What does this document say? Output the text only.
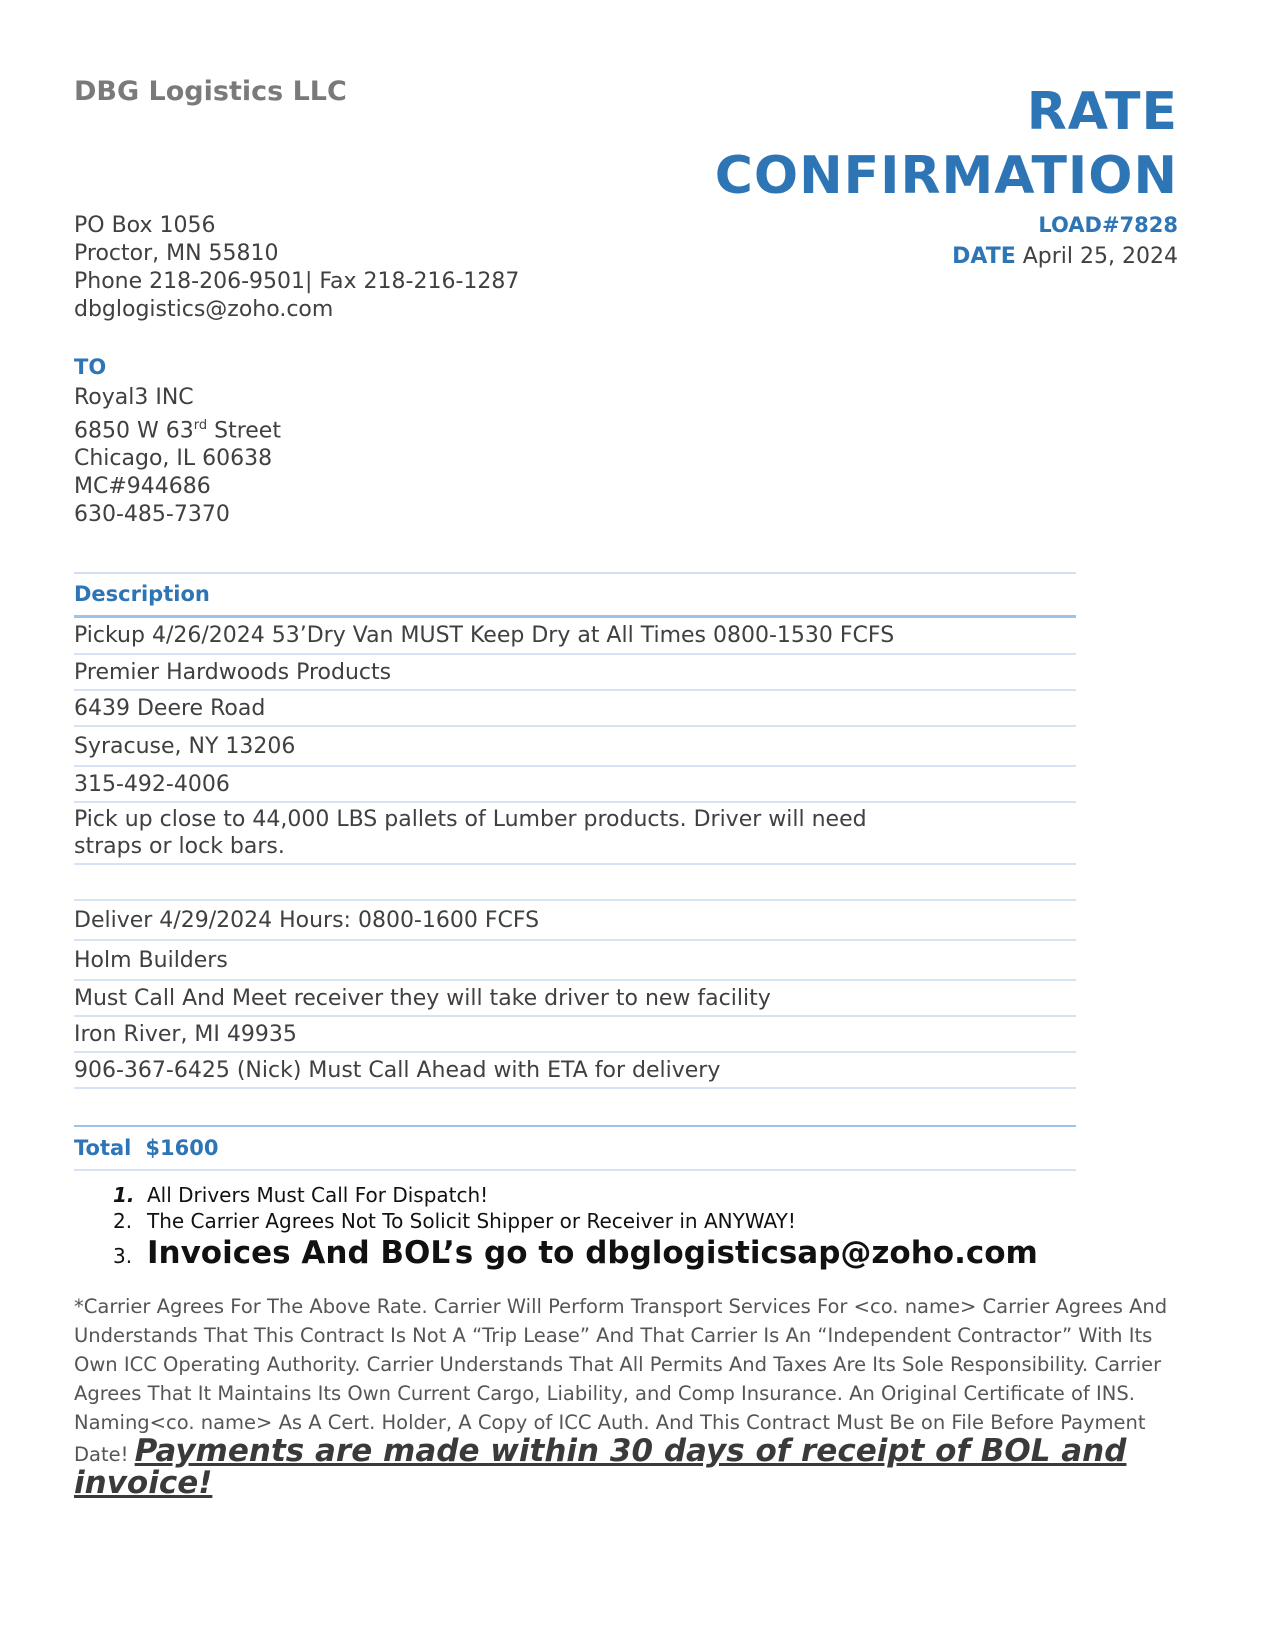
DBG Logistics LLC	RATE
CONFIRMATION
LOAD#7828
DATE April 25, 2024
PO Box 1056
Proctor, MN 55810
Phone 218-206-9501| Fax 218-216-1287
dbglogistics@zoho.com
TO
Royal3 INC
6850 W 63rd Street
Chicago, IL 60638
MC#944686
630-485-7370
Description
Pickup 4/26/2024 53’Dry Van MUST Keep Dry at All Times 0800-1530 FCFS
Premier Hardwoods Products
6439 Deere Road
Syracuse, NY 13206
315-492-4006
Pick up close to 44,000 LBS pallets of Lumber products. Driver will need straps or lock bars.
Deliver 4/29/2024 Hours: 0800-1600 FCFS
Holm Builders
Must Call And Meet receiver they will take driver to new facility
Iron River, MI 49935
906-367-6425 (Nick) Must Call Ahead with ETA for delivery
Total $1600
1. All Drivers Must Call For Dispatch!
2. The Carrier Agrees Not To Solicit Shipper or Receiver in ANYWAY!
3. Invoices And BOL’s go to dbglogisticsap@zoho.com
*Carrier Agrees For The Above Rate. Carrier Will Perform Transport Services For <co. name> Carrier Agrees And Understands That This Contract Is Not A “Trip Lease” And That Carrier Is An “Independent Contractor” With Its Own ICC Operating Authority. Carrier Understands That All Permits And Taxes Are Its Sole Responsibility. Carrier Agrees That It Maintains Its Own Current Cargo, Liability, and Comp Insurance. An Original Certificate of INS. Naming<co. name> As A Cert. Holder, A Copy of ICC Auth. And This Contract Must Be on File Before Payment Date! Payments are made within 30 days of receipt of BOL and invoice!
